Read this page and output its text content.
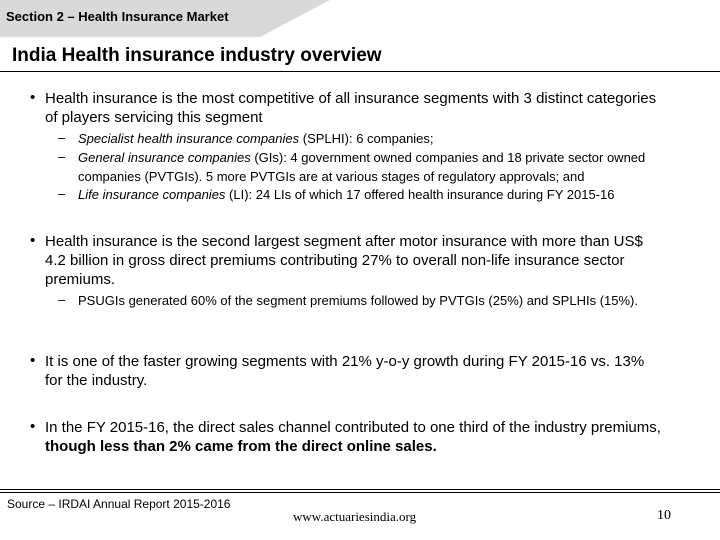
Section 2 – Health Insurance Market
India Health insurance industry overview
• Health insurance is the most competitive of all insurance segments with 3 distinct categories of players servicing this segment
– Specialist health insurance companies (SPLHI): 6 companies;
– General insurance companies (GIs): 4 government owned companies and 18 private sector owned companies (PVTGIs). 5 more PVTGIs are at various stages of regulatory approvals; and
– Life insurance companies (LI): 24 LIs of which 17 offered health insurance during FY 2015-16
• Health insurance is the second largest segment after motor insurance with more than US$ 4.2 billion in gross direct premiums contributing 27% to overall non-life insurance sector premiums.
– PSUGIs generated 60% of the segment premiums followed by PVTGIs (25%) and SPLHIs (15%).
• It is one of the faster growing segments with 21% y-o-y growth during FY 2015-16 vs. 13% for the industry.
• In the FY 2015-16, the direct sales channel contributed to one third of the industry premiums, though less than 2% came from the direct online sales.
Source – IRDAI Annual Report 2015-2016
www.actuariesindia.org	10
